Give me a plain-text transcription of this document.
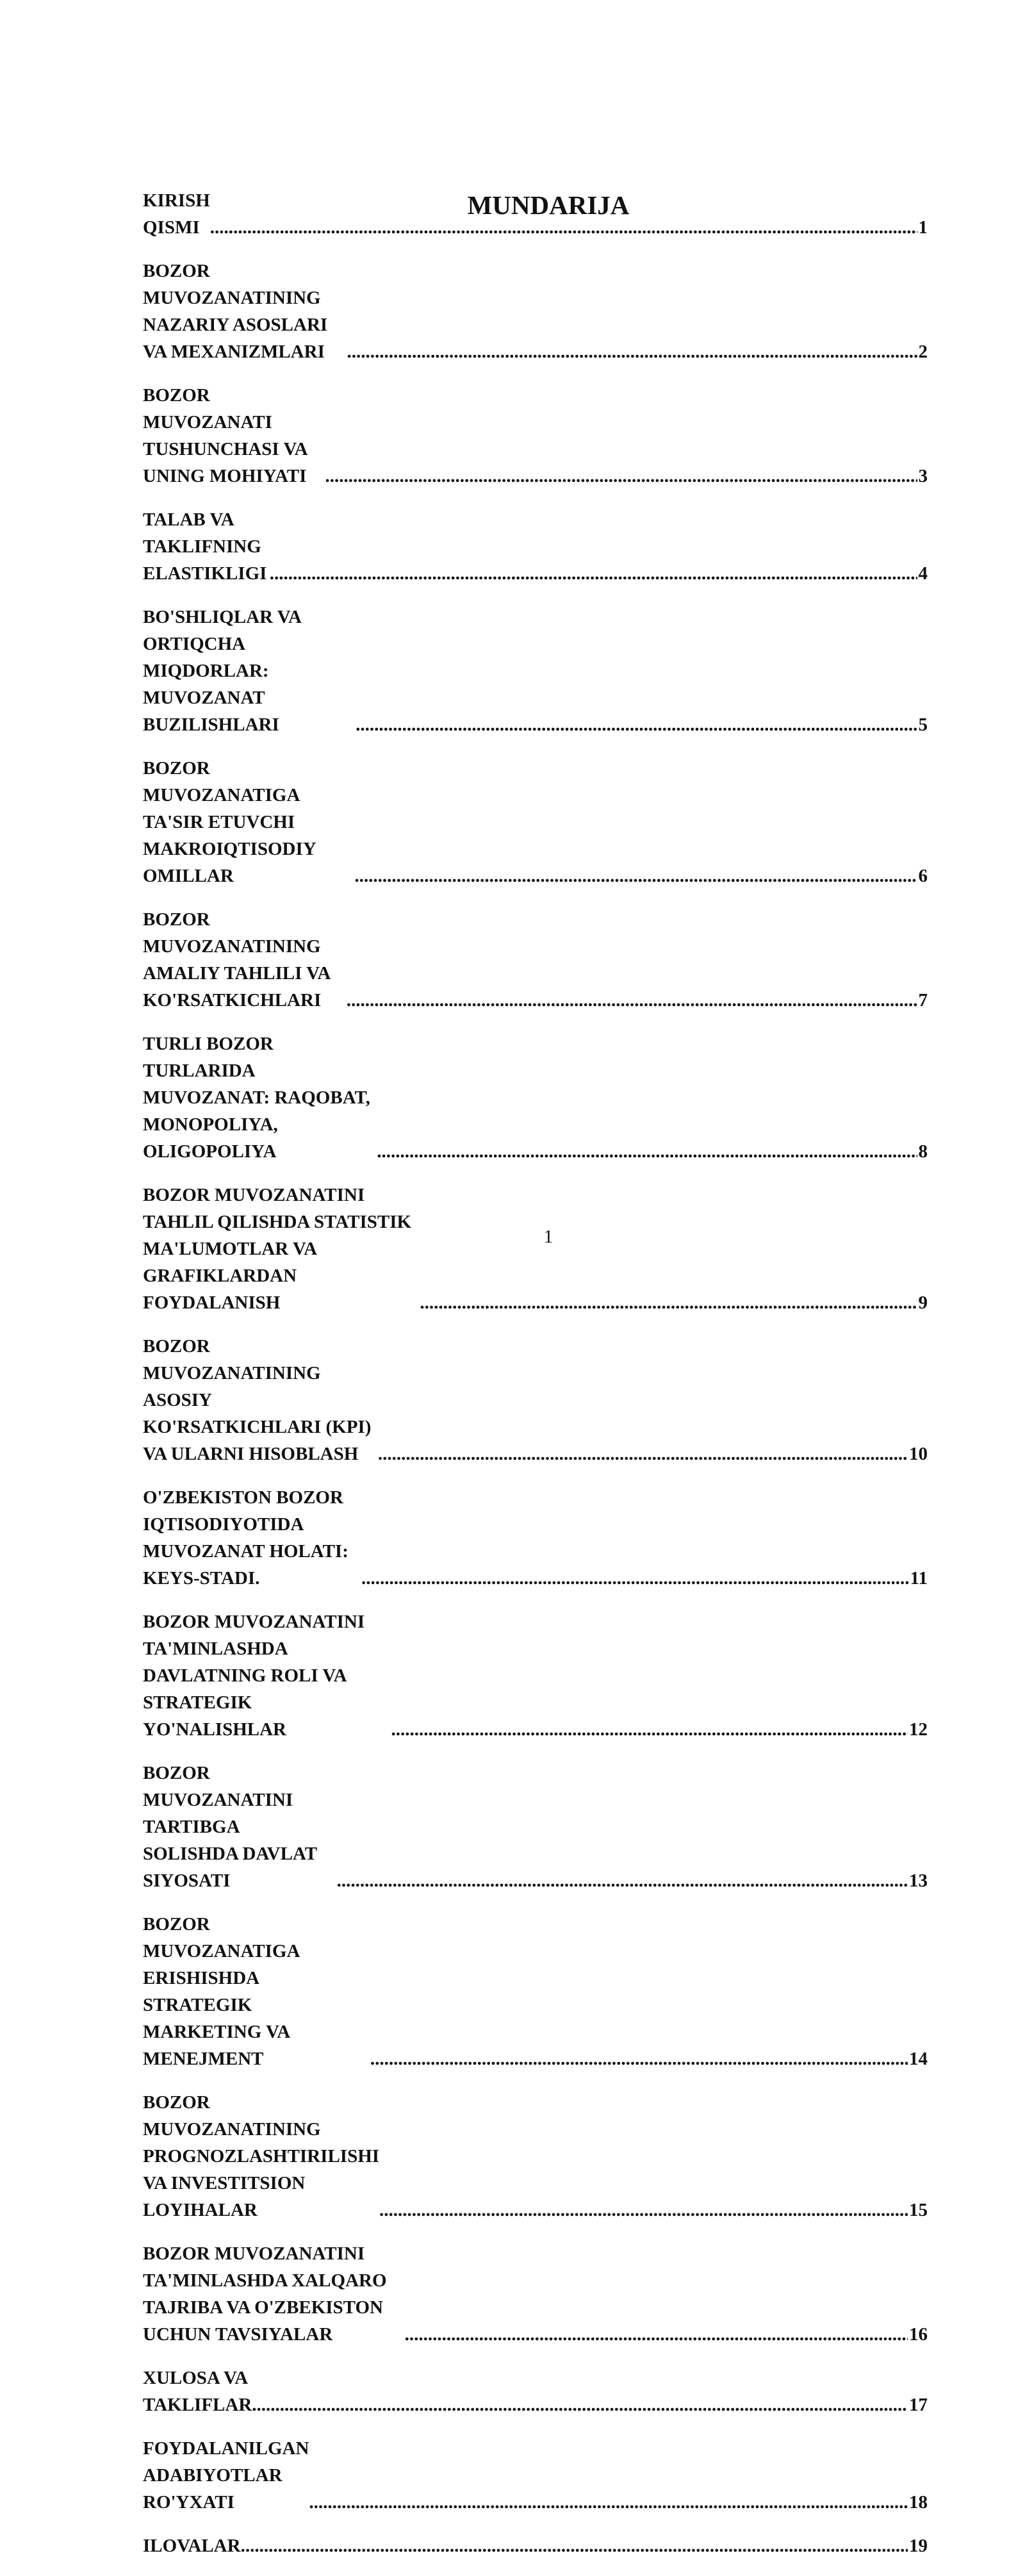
MUNDARIJA
KIRISH QISMI .....	1
BOZOR MUVOZANATINING NAZARIY ASOSLARI VA MEXANIZMLARI .....	2
BOZOR MUVOZANATI TUSHUNCHASI VA UNING MOHIYATI .....	3
TALAB VA TAKLIFNING ELASTIKLIGI .....	4
BO'SHLIQLAR VA ORTIQCHA MIQDORLAR: MUVOZANAT BUZILISHLARI .....	5
BOZOR MUVOZANATIGA TA'SIR ETUVCHI MAKROIQTISODIY OMILLAR .....	6
BOZOR MUVOZANATINING AMALIY TAHLILI VA KO'RSATKICHLARI .....	7
TURLI BOZOR TURLARIDA MUVOZANAT: RAQOBAT, MONOPOLIYA, OLIGOPOLIYA .....	8
BOZOR MUVOZANATINI TAHLIL QILISHDA STATISTIK MA'LUMOTLAR VA GRAFIKLARDAN FOYDALANISH .....	9
BOZOR MUVOZANATINING ASOSIY KO'RSATKICHLARI (KPI) VA ULARNI HISOBLASH .....	10
O'ZBEKISTON BOZOR IQTISODIYOTIDA MUVOZANAT HOLATI: KEYS-STADI. .....	11
BOZOR MUVOZANATINI TA'MINLASHDA DAVLATNING ROLI VA STRATEGIK YO'NALISHLAR .....	12
BOZOR MUVOZANATINI TARTIBGA SOLISHDA DAVLAT SIYOSATI .....	13
BOZOR MUVOZANATIGA ERISHISHDA STRATEGIK MARKETING VA MENEJMENT .....	14
BOZOR MUVOZANATINING PROGNOZLASHTIRILISHI VA INVESTITSION LOYIHALAR .....	15
BOZOR MUVOZANATINI TA'MINLASHDA XALQARO TAJRIBA VA O'ZBEKISTON UCHUN TAVSIYALAR .....	16
XULOSA VA TAKLIFLAR .....	17
FOYDALANILGAN ADABIYOTLAR RO'YXATI .....	18
ILOVALAR .....	19
1
